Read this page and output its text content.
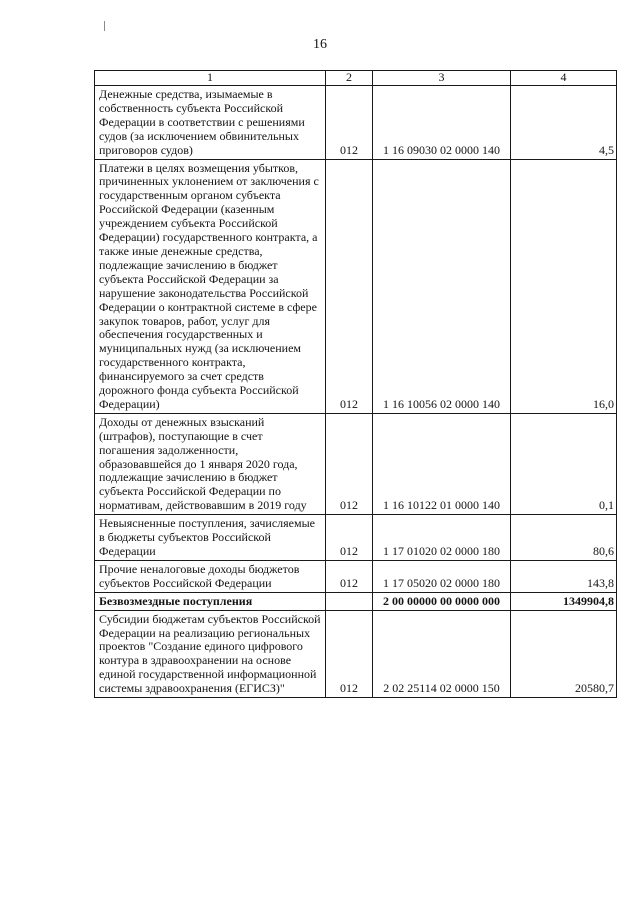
16
1	2	3	4
Денежные средства, изымаемые в собственность субъекта Российской Федерации в соответствии с решениями судов (за исключением обвинительных приговоров судов)	012	1 16 09030 02 0000 140	4,5
Платежи в целях возмещения убытков, причиненных уклонением от заключения с государственным органом субъекта Российской Федерации (казенным учреждением субъекта Российской Федерации) государственного контракта, а также иные денежные средства, подлежащие зачислению в бюджет субъекта Российской Федерации за нарушение законодательства Российской Федерации о контрактной системе в сфере закупок товаров, работ, услуг для обеспечения государственных и муниципальных нужд (за исключением государственного контракта, финансируемого за счет средств дорожного фонда субъекта Российской Федерации)	012	1 16 10056 02 0000 140	16,0
Доходы от денежных взысканий (штрафов), поступающие в счет погашения задолженности, образовавшейся до 1 января 2020 года, подлежащие зачислению в бюджет субъекта Российской Федерации по нормативам, действовавшим в 2019 году	012	1 16 10122 01 0000 140	0,1
Невыясненные поступления, зачисляемые в бюджеты субъектов Российской Федерации	012	1 17 01020 02 0000 180	80,6
Прочие неналоговые доходы бюджетов субъектов Российской Федерации	012	1 17 05020 02 0000 180	143,8
Безвозмездные поступления		2 00 00000 00 0000 000	1349904,8
Субсидии бюджетам субъектов Российской Федерации на реализацию региональных проектов "Создание единого цифрового контура в здравоохранении на основе единой государственной информационной системы здравоохранения (ЕГИСЗ)"	012	2 02 25114 02 0000 150	20580,7
